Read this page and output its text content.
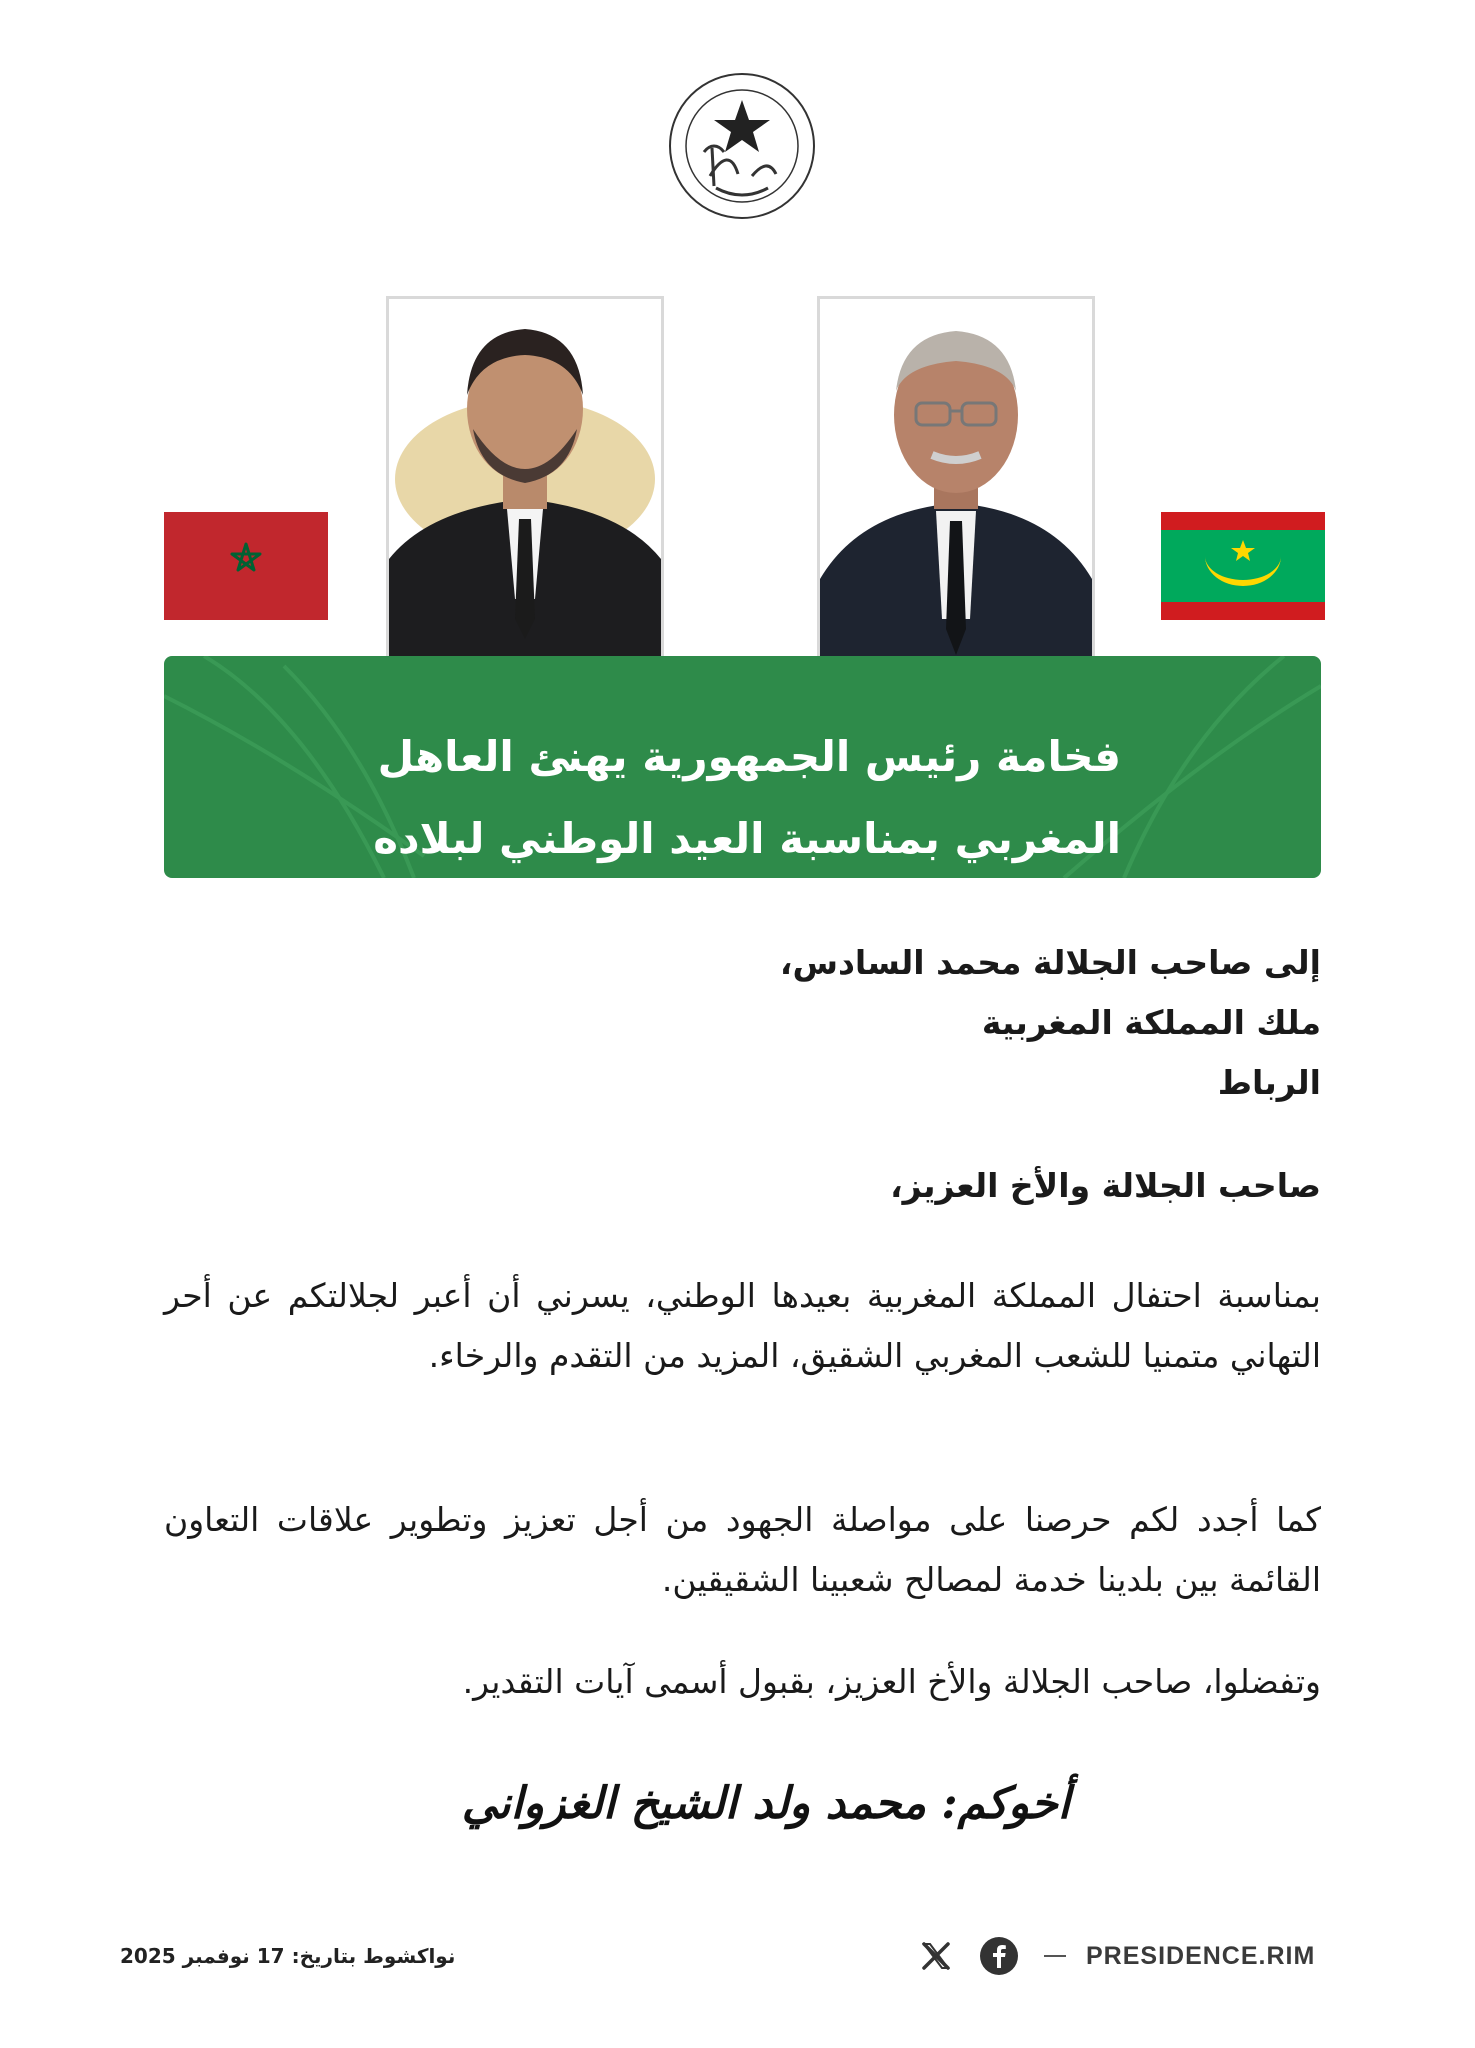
فخامة رئيس الجمهورية يهنئ العاهل
المغربي بمناسبة العيد الوطني لبلاده
إلى صاحب الجلالة محمد السادس،
ملك المملكة المغربية
الرباط
صاحب الجلالة والأخ العزيز،
بمناسبة احتفال المملكة المغربية بعيدها الوطني، يسرني أن أعبر لجلالتكم عن أحر التهاني متمنيا للشعب المغربي الشقيق، المزيد من التقدم والرخاء.
كما أجدد لكم حرصنا على مواصلة الجهود من أجل تعزيز وتطوير علاقات التعاون القائمة بين بلدينا خدمة لمصالح شعبينا الشقيقين.
وتفضلوا، صاحب الجلالة والأخ العزيز، بقبول أسمى آيات التقدير.
أخوكم: محمد ولد الشيخ الغزواني
نواكشوط بتاريخ: 17 نوفمبر 2025	PRESIDENCE.RIM
